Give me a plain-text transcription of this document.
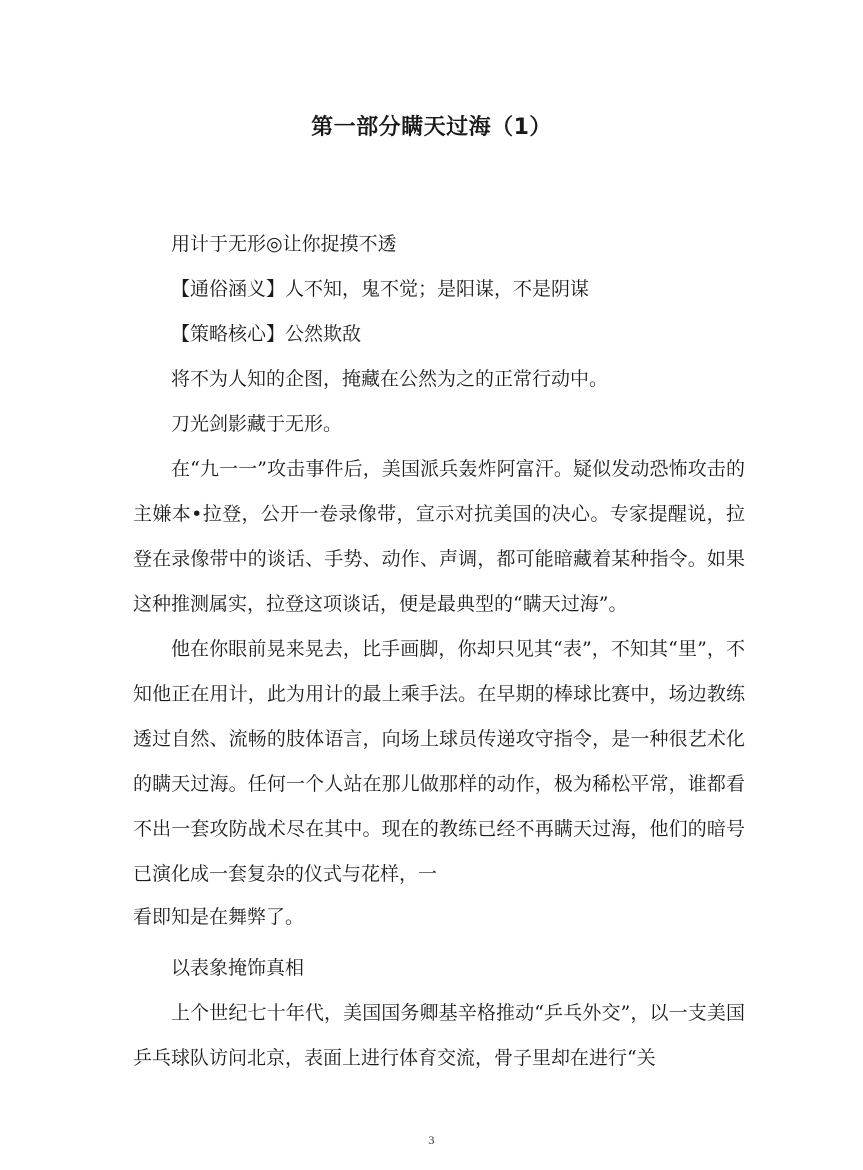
第一部分瞒天过海（1）

用计于无形◎让你捉摸不透

【通俗涵义】人不知，鬼不觉；是阳谋，不是阴谋

【策略核心】公然欺敌

将不为人知的企图，掩藏在公然为之的正常行动中。

刀光剑影藏于无形。

在“九一一”攻击事件后，美国派兵轰炸阿富汗。疑似发动恐怖攻击的主嫌本•拉登，公开一卷录像带，宣示对抗美国的决心。专家提醒说，拉登在录像带中的谈话、手势、动作、声调，都可能暗藏着某种指令。如果这种推测属实，拉登这项谈话，便是最典型的“瞒天过海”。

他在你眼前晃来晃去，比手画脚，你却只见其“表”，不知其“里”，不知他正在用计，此为用计的最上乘手法。在早期的棒球比赛中，场边教练透过自然、流畅的肢体语言，向场上球员传递攻守指令，是一种很艺术化的瞒天过海。任何一个人站在那儿做那样的动作，极为稀松平常，谁都看不出一套攻防战术尽在其中。现在的教练已经不再瞒天过海，他们的暗号已演化成一套复杂的仪式与花样，一

看即知是在舞弊了。

以表象掩饰真相

上个世纪七十年代，美国国务卿基辛格推动“乒乓外交”，以一支美国乒乓球队访问北京，表面上进行体育交流，骨子里却在进行“关

3
